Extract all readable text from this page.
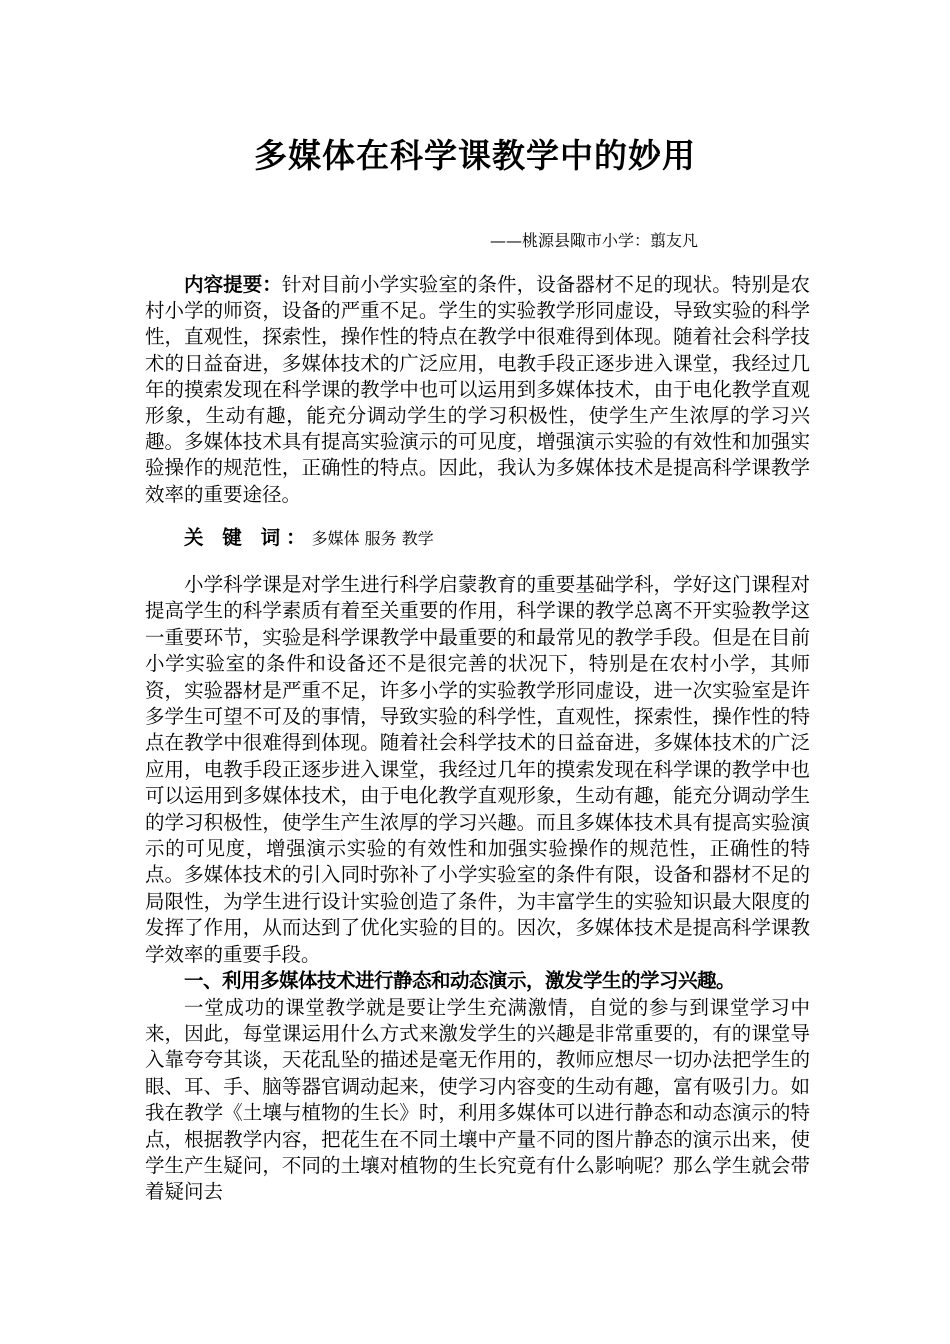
多媒体在科学课教学中的妙用
——桃源县陬市小学：翦友凡
内容提要：针对目前小学实验室的条件，设备器材不足的现状。特别是农村小学的师资，设备的严重不足。学生的实验教学形同虚设，导致实验的科学性，直观性，探索性，操作性的特点在教学中很难得到体现。随着社会科学技术的日益奋进，多媒体技术的广泛应用，电教手段正逐步进入课堂，我经过几年的摸索发现在科学课的教学中也可以运用到多媒体技术，由于电化教学直观形象，生动有趣，能充分调动学生的学习积极性，使学生产生浓厚的学习兴趣。多媒体技术具有提高实验演示的可见度，增强演示实验的有效性和加强实验操作的规范性，正确性的特点。因此，我认为多媒体技术是提高科学课教学效率的重要途径。
关 键 词：多媒体 服务 教学

小学科学课是对学生进行科学启蒙教育的重要基础学科，学好这门课程对提高学生的科学素质有着至关重要的作用，科学课的教学总离不开实验教学这一重要环节，实验是科学课教学中最重要的和最常见的教学手段。但是在目前小学实验室的条件和设备还不是很完善的状况下，特别是在农村小学，其师资，实验器材是严重不足，许多小学的实验教学形同虚设，进一次实验室是许多学生可望不可及的事情，导致实验的科学性，直观性，探索性，操作性的特点在教学中很难得到体现。随着社会科学技术的日益奋进，多媒体技术的广泛应用，电教手段正逐步进入课堂，我经过几年的摸索发现在科学课的教学中也可以运用到多媒体技术，由于电化教学直观形象，生动有趣，能充分调动学生的学习积极性，使学生产生浓厚的学习兴趣。而且多媒体技术具有提高实验演示的可见度，增强演示实验的有效性和加强实验操作的规范性，正确性的特点。多媒体技术的引入同时弥补了小学实验室的条件有限，设备和器材不足的局限性，为学生进行设计实验创造了条件，为丰富学生的实验知识最大限度的发挥了作用，从而达到了优化实验的目的。因次，多媒体技术是提高科学课教学效率的重要手段。

一、利用多媒体技术进行静态和动态演示，激发学生的学习兴趣。

一堂成功的课堂教学就是要让学生充满激情，自觉的参与到课堂学习中来，因此，每堂课运用什么方式来激发学生的兴趣是非常重要的，有的课堂导入靠夸夸其谈，天花乱坠的描述是毫无作用的，教师应想尽一切办法把学生的眼、耳、手、脑等器官调动起来，使学习内容变的生动有趣，富有吸引力。如我在教学《土壤与植物的生长》时，利用多媒体可以进行静态和动态演示的特点，根据教学内容，把花生在不同土壤中产量不同的图片静态的演示出来，使学生产生疑问，不同的土壤对植物的生长究竟有什么影响呢？那么学生就会带着疑问去
